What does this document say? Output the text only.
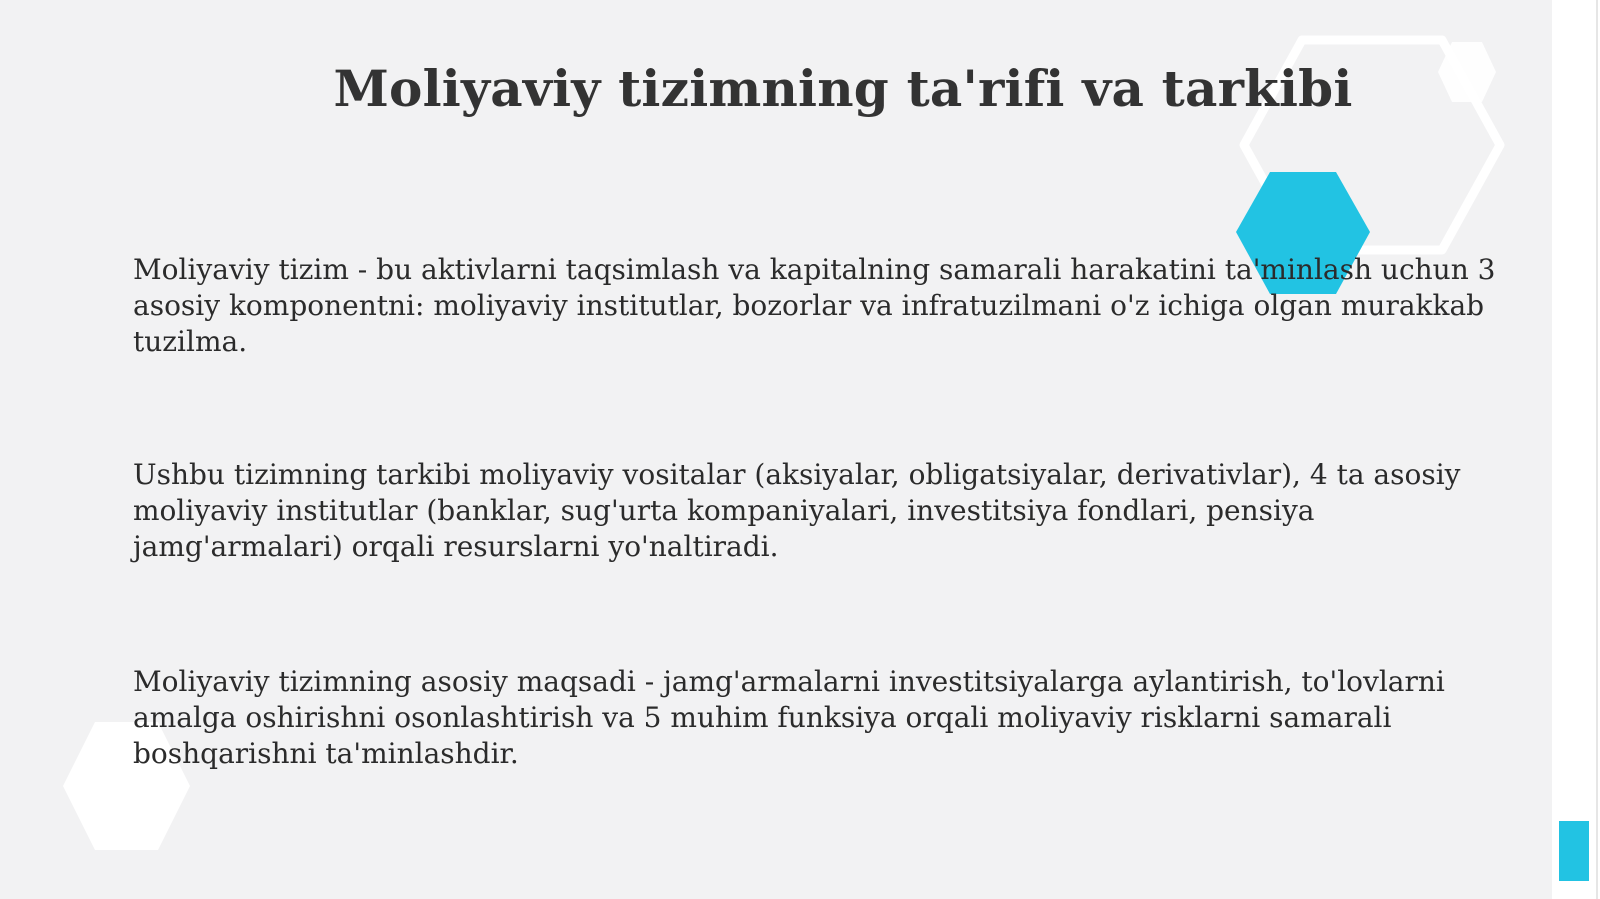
Moliyaviy tizimning ta'rifi va tarkibi

Moliyaviy tizim - bu aktivlarni taqsimlash va kapitalning samarali harakatini ta'minlash uchun 3 asosiy komponentni: moliyaviy institutlar, bozorlar va infratuzilmani o'z ichiga olgan murakkab tuzilma.

Ushbu tizimning tarkibi moliyaviy vositalar (aksiyalar, obligatsiyalar, derivativlar), 4 ta asosiy moliyaviy institutlar (banklar, sug'urta kompaniyalari, investitsiya fondlari, pensiya jamg'armalari) orqali resurslarni yo'naltiradi.

Moliyaviy tizimning asosiy maqsadi - jamg'armalarni investitsiyalarga aylantirish, to'lovlarni amalga oshirishni osonlashtirish va 5 muhim funksiya orqali moliyaviy risklarni samarali boshqarishni ta'minlashdir.
